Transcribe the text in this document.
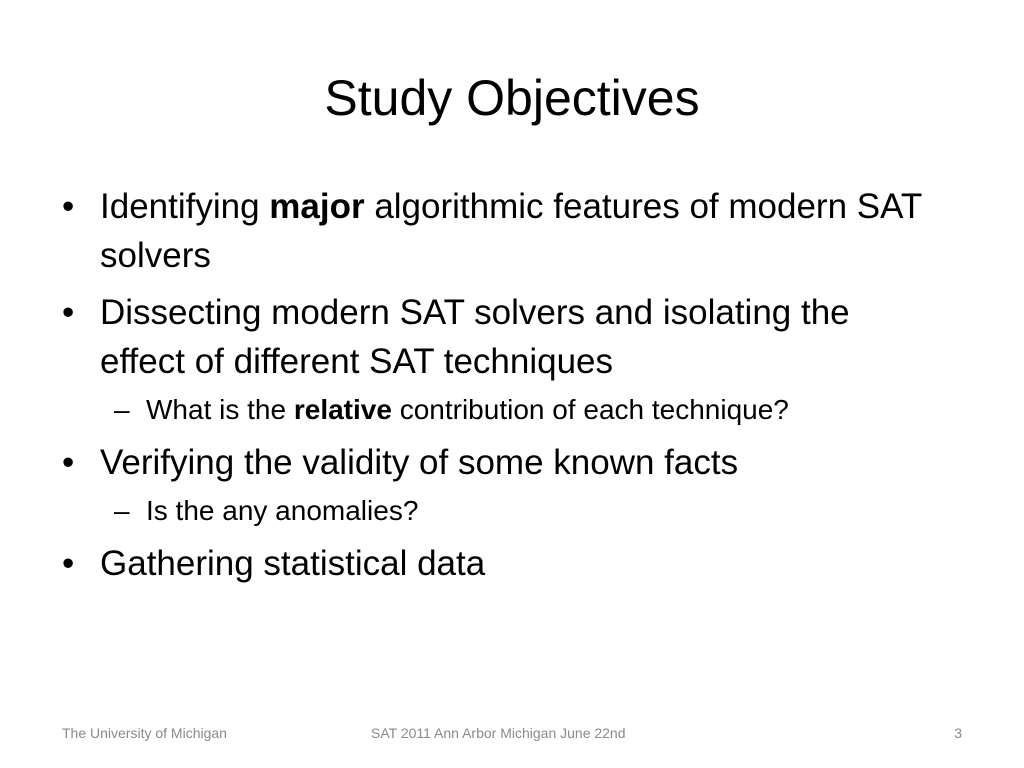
Study Objectives
• Identifying major algorithmic features of modern SAT solvers
• Dissecting modern SAT solvers and isolating the effect of different SAT techniques
– What is the relative contribution of each technique?
• Verifying the validity of some known facts
– Is the any anomalies?
• Gathering statistical data
The University of Michigan	SAT 2011 Ann Arbor Michigan June 22nd	3
